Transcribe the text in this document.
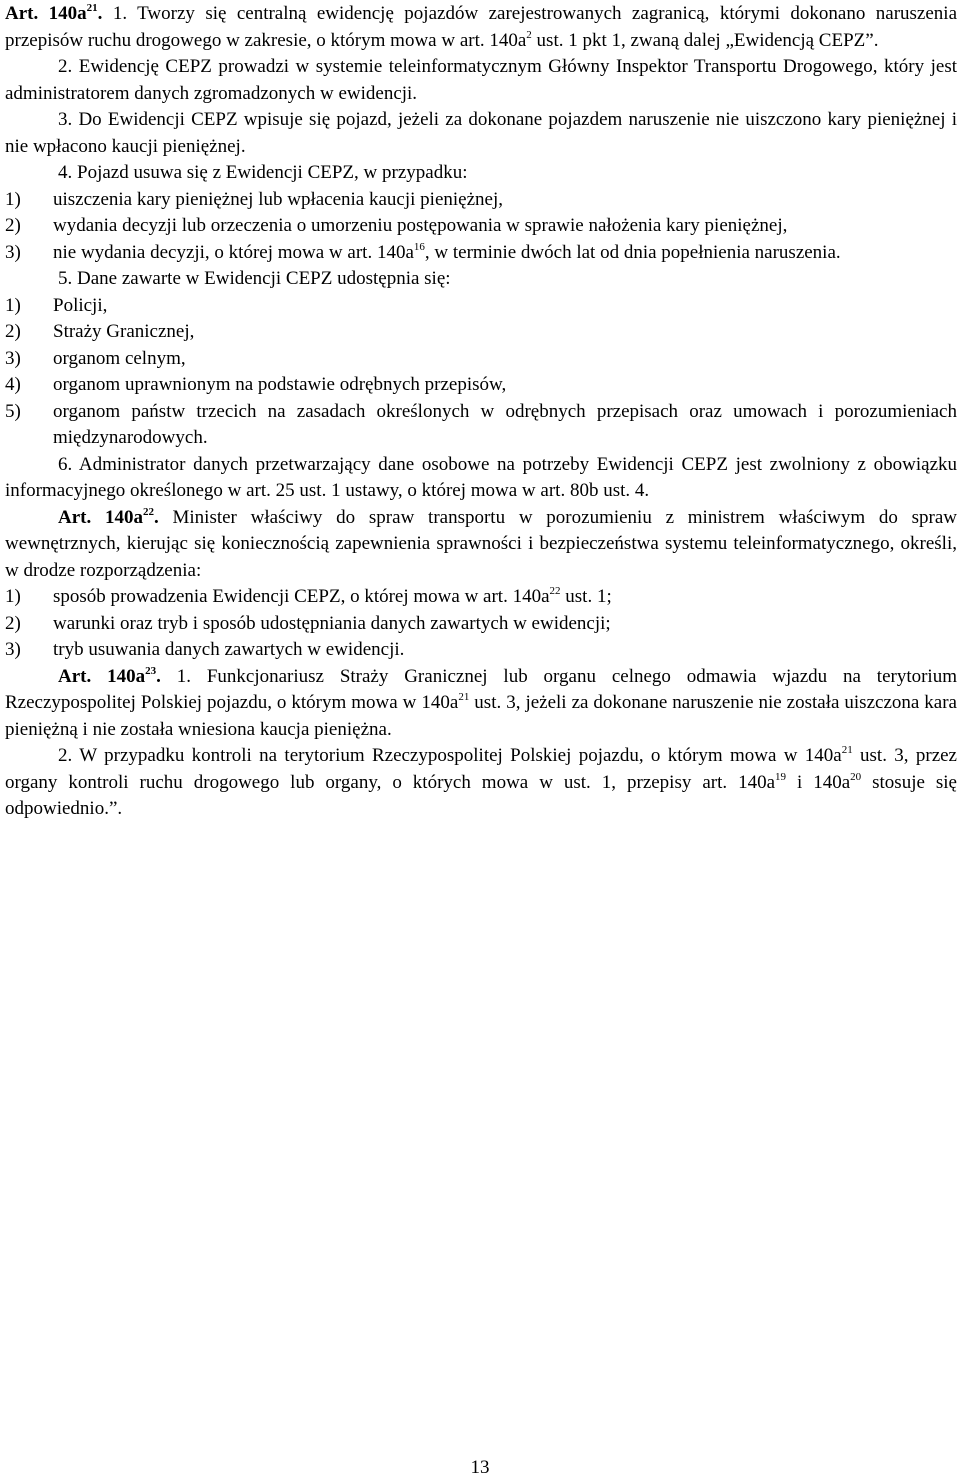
Art. $140a^{21}$. 1. Tworzy się centralną ewidencję pojazdów zarejestrowanych zagranicą, którymi dokonano naruszenia przepisów ruchu drogowego w zakresie, o którym mowa w art. $140a^2$ ust. 1 pkt 1, zwaną dalej „Ewidencją CEPZ”.

2. Ewidencję CEPZ prowadzi w systemie teleinformatycznym Główny Inspektor Transportu Drogowego, który jest administratorem danych zgromadzonych w ewidencji.

3. Do Ewidencji CEPZ wpisuje się pojazd, jeżeli za dokonane pojazdem naruszenie nie uiszczono kary pieniężnej i nie wpłacono kaucji pieniężnej.

4. Pojazd usuwa się z Ewidencji CEPZ, w przypadku:

1)	uiszczenia kary pieniężnej lub wpłacenia kaucji pieniężnej,
2)	wydania decyzji lub orzeczenia o umorzeniu postępowania w sprawie nałożenia kary pieniężnej,
3)	nie wydania decyzji, o której mowa w art. $140a^{16}$, w terminie dwóch lat od dnia popełnienia naruszenia.

5. Dane zawarte w Ewidencji CEPZ udostępnia się:

1)	Policji,
2)	Straży Granicznej,
3)	organom celnym,
4)	organom uprawnionym na podstawie odrębnych przepisów,
5)	organom państw trzecich na zasadach określonych w odrębnych przepisach oraz umowach i porozumieniach międzynarodowych.

6. Administrator danych przetwarzający dane osobowe na potrzeby Ewidencji CEPZ jest zwolniony z obowiązku informacyjnego określonego w art. 25 ust. 1 ustawy, o której mowa w art. 80b ust. 4.

Art. $140a^{22}$. Minister właściwy do spraw transportu w porozumieniu z ministrem właściwym do spraw wewnętrznych, kierując się koniecznością zapewnienia sprawności i bezpieczeństwa systemu teleinformatycznego, określi, w drodze rozporządzenia:

1)	sposób prowadzenia Ewidencji CEPZ, o której mowa w art. $140a^{22}$ ust. 1;
2)	warunki oraz tryb i sposób udostępniania danych zawartych w ewidencji;
3)	tryb usuwania danych zawartych w ewidencji.

Art. $140a^{23}$. 1. Funkcjonariusz Straży Granicznej lub organu celnego odmawia wjazdu na terytorium Rzeczypospolitej Polskiej pojazdu, o którym mowa w $140a^{21}$ ust. 3, jeżeli za dokonane naruszenie nie została uiszczona kara pieniężną i nie została wniesiona kaucja pieniężna.

2. W przypadku kontroli na terytorium Rzeczypospolitej Polskiej pojazdu, o którym mowa w $140a^{21}$ ust. 3, przez organy kontroli ruchu drogowego lub organy, o których mowa w ust. 1, przepisy art. $140a^{19}$ i $140a^{20}$ stosuje się odpowiednio.”.

13
